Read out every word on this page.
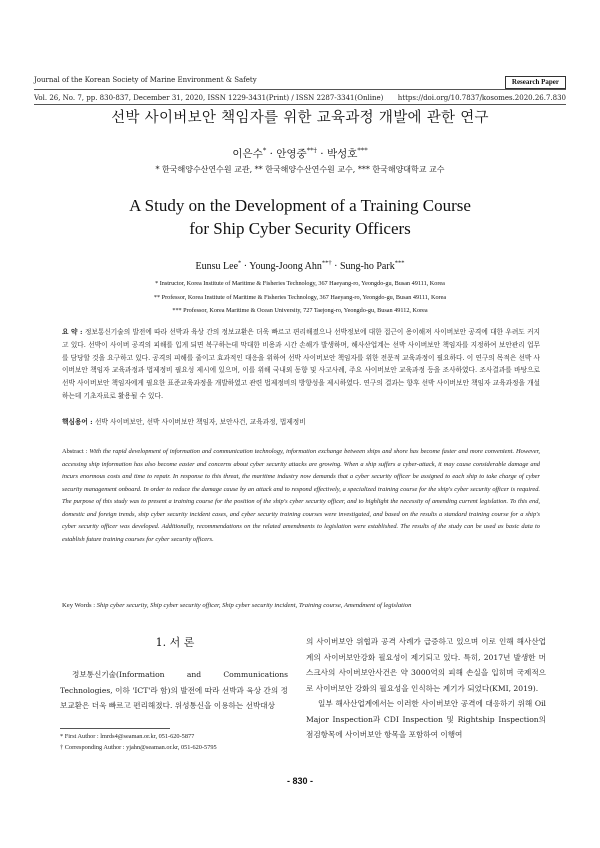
Journal of the Korean Society of Marine Environment & Safety
Vol. 26, No. 7, pp. 830-837, December 31, 2020, ISSN 1229-3431(Print) / ISSN 2287-3341(Online)
Research Paper
https://doi.org/10.7837/kosomes.2020.26.7.830
선박 사이버보안 책임자를 위한 교육과정 개발에 관한 연구
이은수* · 안영중**† · 박성호***
* 한국해양수산연수원 교관, ** 한국해양수산연수원 교수, *** 한국해양대학교 교수
A Study on the Development of a Training Course
for Ship Cyber Security Officers
Eunsu Lee* · Young-Joong Ahn**† · Sung-ho Park***
* Instructor, Korea Institute of Maritime & Fisheries Technology, 367 Haeyang-ro, Yeongdo-gu, Busan 49111, Korea
** Professor, Korea Institute of Maritime & Fisheries Technology, 367 Haeyang-ro, Yeongdo-gu, Busan 49111, Korea
*** Professor, Korea Maritime & Ocean University, 727 Taejong-ro, Yeongdo-gu, Busan 49112, Korea
요 약 : 정보통신기술의 발전에 따라 선박과 육상 간의 정보교환은 더욱 빠르고 편리해졌으나 선박정보에 대한 접근이 용이해져 사이버보안 공격에 대한 우려도 커지고 있다. 선박이 사이버 공격의 피해를 입게 되면 복구하는데 막대한 비용과 시간 손해가 발생하며, 해사산업계는 선박 사이버보안 책임자를 지정하여 보안관리 업무를 담당할 것을 요구하고 있다. 공격의 피해를 줄이고 효과적인 대응을 위하여 선박 사이버보안 책임자를 위한 전문적 교육과정이 필요하다. 이 연구의 목적은 선박 사이버보안 책임자 교육과정과 법제정비 필요성 제시에 있으며, 이를 위해 국내외 동향 및 사고사례, 주요 사이버보안 교육과정 등을 조사하였다. 조사결과를 바탕으로 선박 사이버보안 책임자에게 필요한 표준교육과정을 개발하였고 관련 법제정비의 방향성을 제시하였다. 연구의 결과는 향후 선박 사이버보안 책임자 교육과정을 개설하는데 기초자료로 활용될 수 있다.
핵심용어 : 선박 사이버보안, 선박 사이버보안 책임자, 보안사건, 교육과정, 법제정비
Abstract : With the rapid development of information and communication technology, information exchange between ships and shore has become faster and more convenient. However, accessing ship information has also become easier and concerns about cyber security attacks are growing. When a ship suffers a cyber-attack, it may cause considerable damage and incurs enormous costs and time to repair. In response to this threat, the maritime industry now demands that a cyber security officer be assigned to each ship to take charge of cyber security management onboard. In order to reduce the damage cause by an attack and to respond effectively, a specialized training course for the ship's cyber security officer is required. The purpose of this study was to present a training course for the position of the ship's cyber security officer, and to highlight the necessity of amending current legislation. To this end, domestic and foreign trends, ship cyber security incident cases, and cyber security training courses were investigated, and based on the results a standard training course for a ship's cyber security officer was developed. Additionally, recommendations on the related amendments to legislation were established. The results of the study can be used as basic data to establish future training courses for cyber security officers.
Key Words : Ship cyber security, Ship cyber security officer, Ship cyber security incident, Training course, Amendment of legislation
1. 서 론

정보통신기술(Information and Communications Technologies, 이하 'ICT'라 함)의 발전에 따라 선박과 육상 간의 정보교환은 더욱 빠르고 편리해졌다. 위성통신을 이용하는 선박대상

의 사이버보안 위협과 공격 사례가 급증하고 있으며 이로 인해 해사산업계의 사이버보안강화 필요성이 제기되고 있다. 특히, 2017년 발생한 머스크사의 사이버보안사건은 약 3000억의 피해 손실을 입히며 국제적으로 사이버보안 강화의 필요성을 인식하는 계기가 되었다(KMI, 2019).

일부 해사산업계에서는 이러한 사이버보안 공격에 대응하기 위해 Oil Major Inspection과 CDI Inspection 및 Rightship Inspection의 점검항목에 사이버보안 항목을 포함하여 이행여

* First Author : lmrds4@seaman.or.kr, 051-620-5877
† Corresponding Author : yjahn@seaman.or.kr, 051-620-5795
- 830 -
